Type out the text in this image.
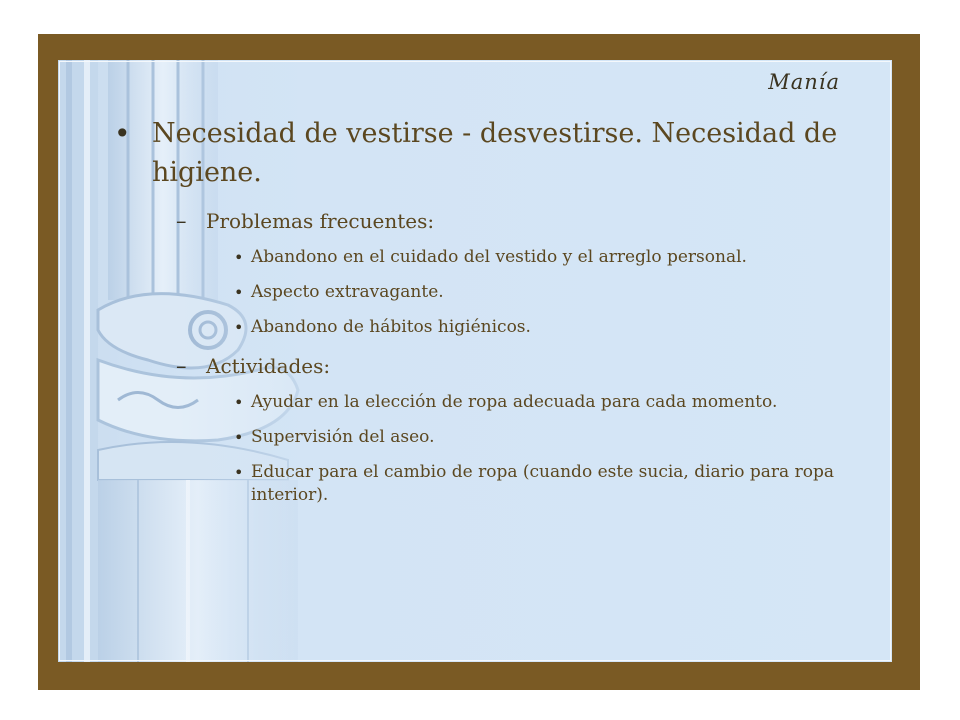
Manía
• Necesidad de vestirse - desvestirse. Necesidad de higiene.
– Problemas frecuentes:
• Abandono en el cuidado del vestido y el arreglo personal.
• Aspecto extravagante.
• Abandono de hábitos higiénicos.
– Actividades:
• Ayudar en la elección de ropa adecuada para cada momento.
• Supervisión del aseo.
• Educar para el cambio de ropa (cuando este sucia, diario para ropa interior).
